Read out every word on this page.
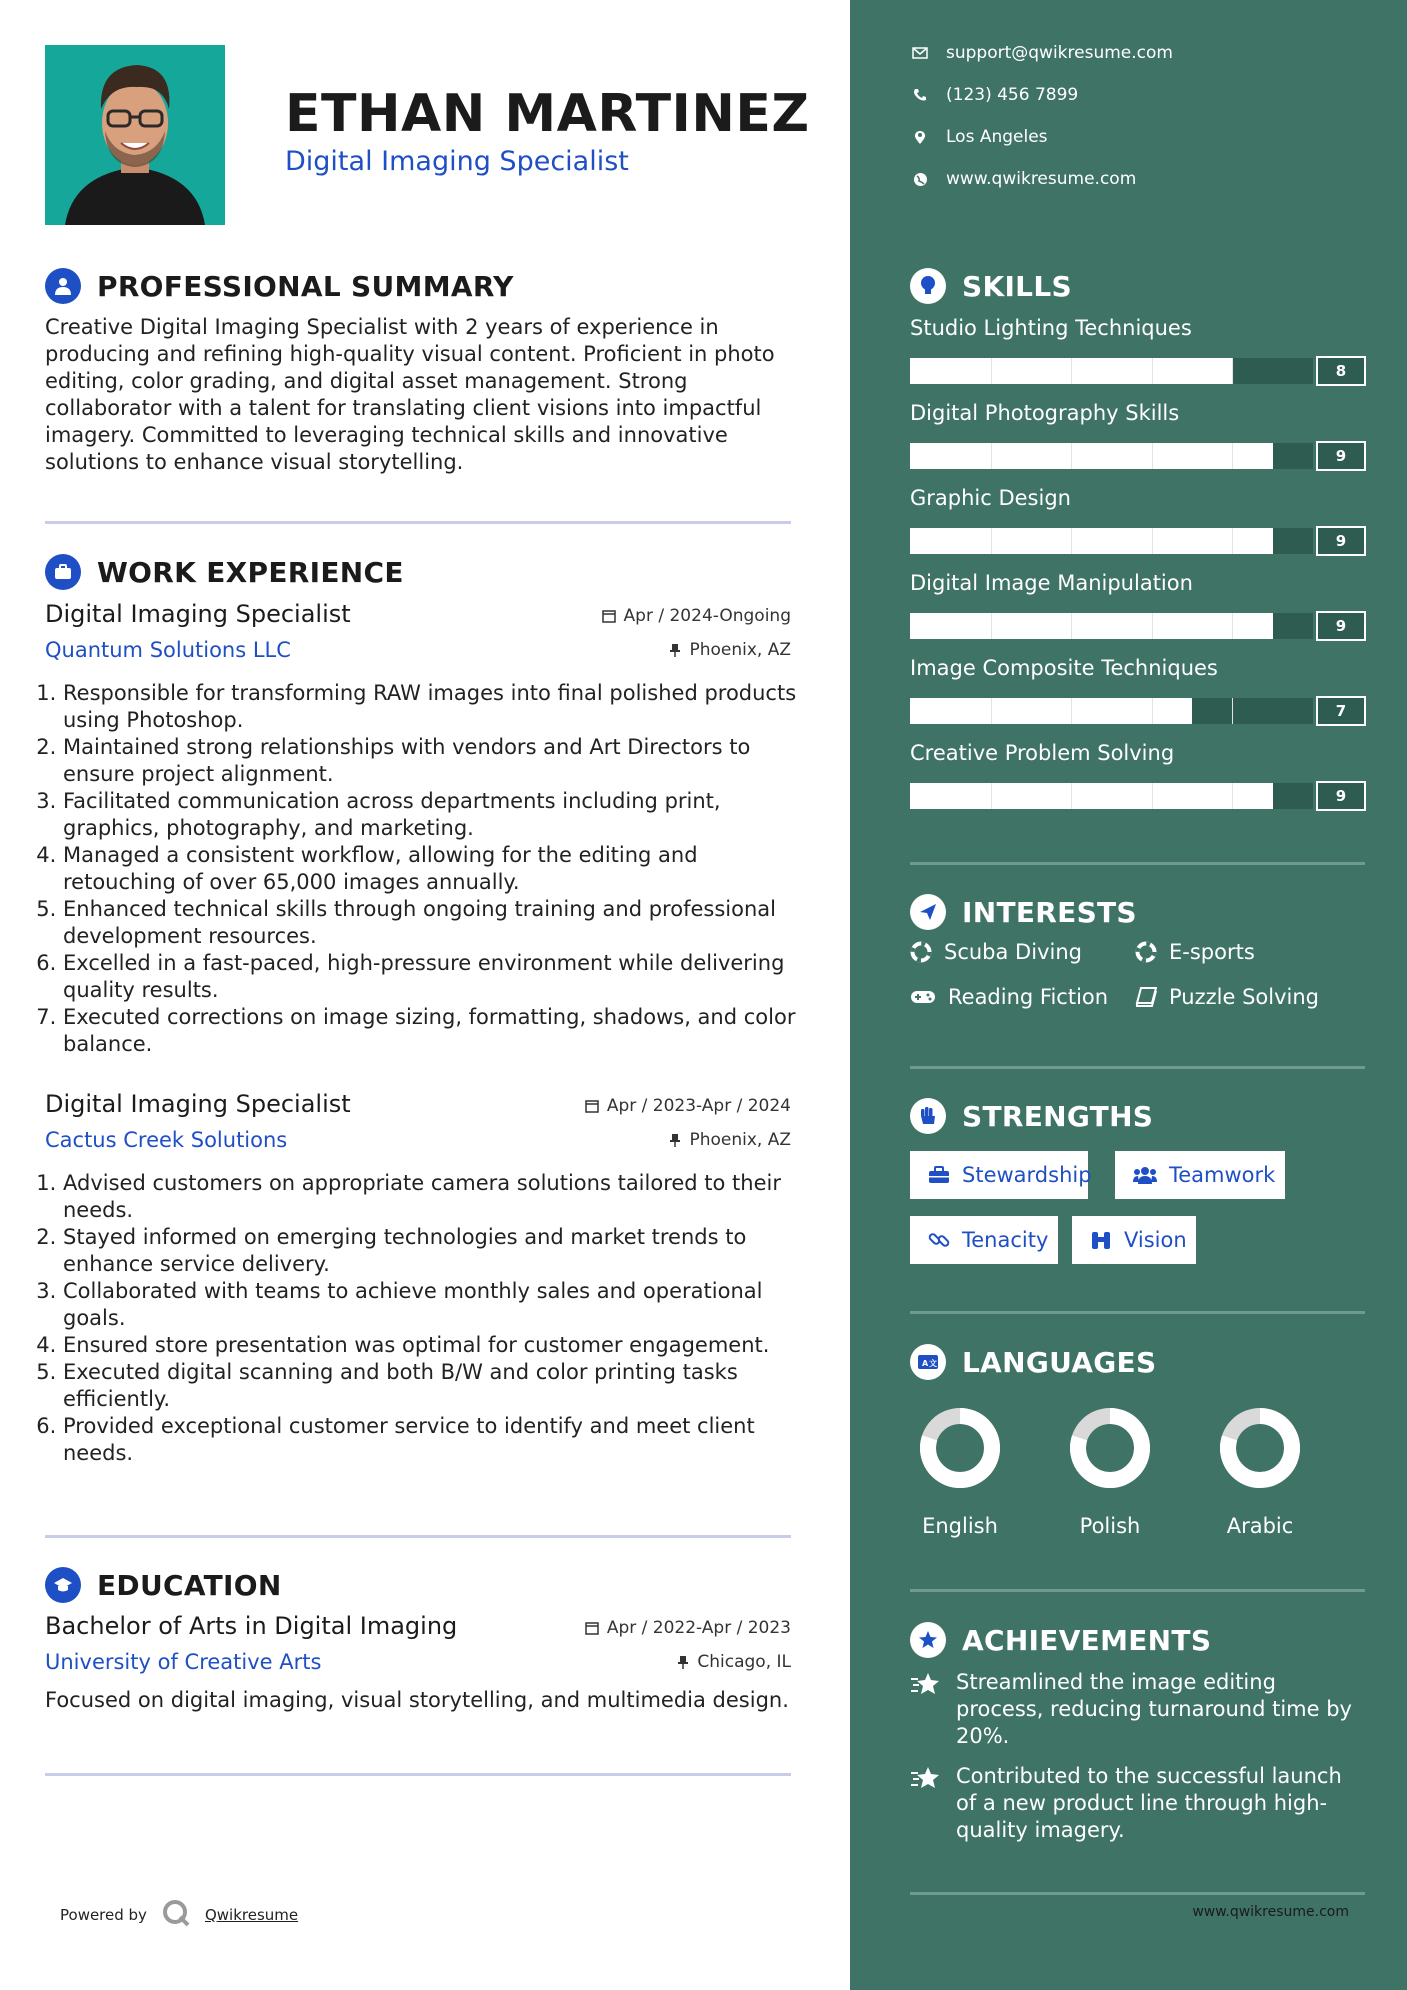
ETHAN MARTINEZ
Digital Imaging Specialist
PROFESSIONAL SUMMARY
Creative Digital Imaging Specialist with 2 years of experience in producing and refining high-quality visual content. Proficient in photo editing, color grading, and digital asset management. Strong collaborator with a talent for translating client visions into impactful imagery. Committed to leveraging technical skills and innovative solutions to enhance visual storytelling.
WORK EXPERIENCE
Digital Imaging Specialist
Quantum Solutions LLC
Apr / 2024-Ongoing
Phoenix, AZ
1. Responsible for transforming RAW images into final polished products using Photoshop.
2. Maintained strong relationships with vendors and Art Directors to ensure project alignment.
3. Facilitated communication across departments including print, graphics, photography, and marketing.
4. Managed a consistent workflow, allowing for the editing and retouching of over 65,000 images annually.
5. Enhanced technical skills through ongoing training and professional development resources.
6. Excelled in a fast-paced, high-pressure environment while delivering quality results.
7. Executed corrections on image sizing, formatting, shadows, and color balance.
Digital Imaging Specialist
Cactus Creek Solutions
Apr / 2023-Apr / 2024
Phoenix, AZ
1. Advised customers on appropriate camera solutions tailored to their needs.
2. Stayed informed on emerging technologies and market trends to enhance service delivery.
3. Collaborated with teams to achieve monthly sales and operational goals.
4. Ensured store presentation was optimal for customer engagement.
5. Executed digital scanning and both B/W and color printing tasks efficiently.
6. Provided exceptional customer service to identify and meet client needs.
EDUCATION
Bachelor of Arts in Digital Imaging
University of Creative Arts
Apr / 2022-Apr / 2023
Chicago, IL
Focused on digital imaging, visual storytelling, and multimedia design.
Powered by	Qwikresume
support@qwikresume.com
(123) 456 7899
Los Angeles
www.qwikresume.com
SKILLS
Studio Lighting Techniques
8
Digital Photography Skills
9
Graphic Design
9
Digital Image Manipulation
9
Image Composite Techniques
7
Creative Problem Solving
9
INTERESTS
Scuba Diving	E-sports
Reading Fiction	Puzzle Solving
STRENGTHS
Stewardship	Teamwork
Tenacity	Vision
A 文 LANGUAGES
English	Polish	Arabic
ACHIEVEMENTS
Streamlined the image editing process, reducing turnaround time by 20%.
Contributed to the successful launch of a new product line through high-quality imagery.
www.qwikresume.com
